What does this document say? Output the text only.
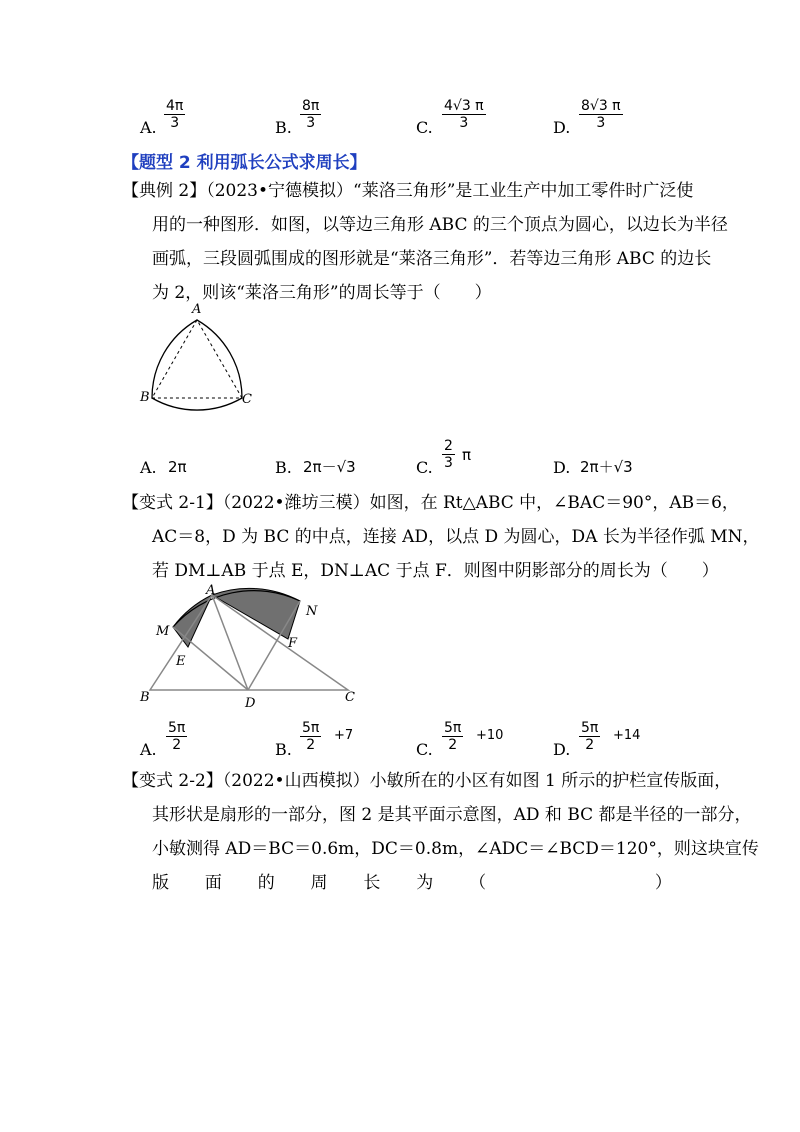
A. $\frac{4\pi}{3}$	B. $\frac{8\pi}{3}$	C. $\frac{4√3 \pi}{3}$	D. $\frac{8√3 \pi}{3}$
【题型 2 利用弧长公式求周长】
【典例 2】（2023•宁德模拟）“莱洛三角形”是工业生产中加工零件时广泛使
用的一种图形．如图，以等边三角形 ABC 的三个顶点为圆心，以边长为半径
画弧，三段圆弧围成的图形就是“莱洛三角形”．若等边三角形 ABC 的边长
为 2，则该“莱洛三角形”的周长等于（　　）
A
B	C
A. 2π	B. 2π－√3	C. $\frac{2}{3}$ π
D. 2π＋√3
【变式 2-1】（2022•潍坊三模）如图，在 Rt△ABC 中，∠BAC＝90°，AB＝6，
AC＝8，D 为 BC 的中点，连接 AD，以点 D 为圆心，DA 长为半径作弧 MN，
若 DM⊥AB 于点 E，DN⊥AC 于点 F．则图中阴影部分的周长为（　　）
A
M
N
E
F
B	D	C
A. $\frac{5\pi}{2}$	B. $\frac{5\pi}{2} +7$
C. $\frac{5\pi}{2} +10$
D. $\frac{5\pi}{2} +14$
【变式 2-2】（2022•山西模拟）小敏所在的小区有如图 1 所示的护栏宣传版面，
其形状是扇形的一部分，图 2 是其平面示意图，AD 和 BC 都是半径的一部分，
小敏测得 AD＝BC＝0.6m，DC＝0.8m，∠ADC＝∠BCD＝120°，则这块宣传
版 面 的 周 长 为 （	）
